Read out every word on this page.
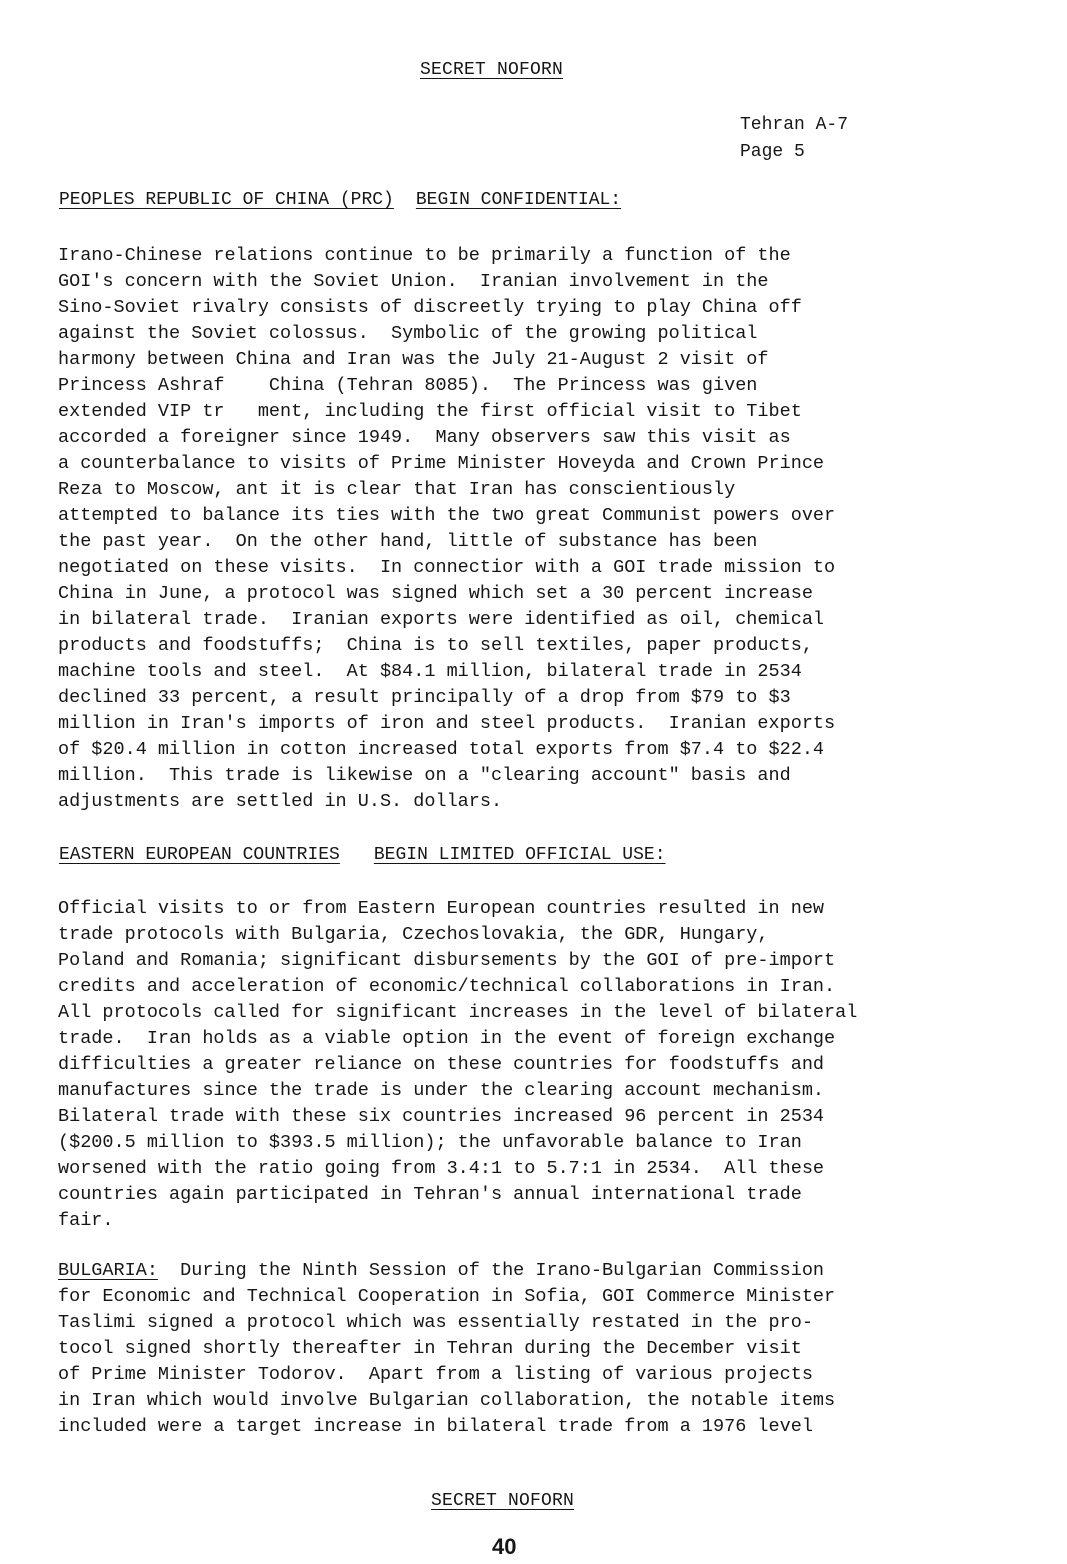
SECRET NOFORN
Tehran A-7
Page 5
PEOPLES REPUBLIC OF CHINA (PRC) BEGIN CONFIDENTIAL:
Irano-Chinese relations continue to be primarily a function of the
GOI's concern with the Soviet Union.  Iranian involvement in the
Sino-Soviet rivalry consists of discreetly trying to play China off
against the Soviet colossus.  Symbolic of the growing political
harmony between China and Iran was the July 21-August 2 visit of
Princess Ashraf    China (Tehran 8085).  The Princess was given
extended VIP tr   ment, including the first official visit to Tibet
accorded a foreigner since 1949.  Many observers saw this visit as
a counterbalance to visits of Prime Minister Hoveyda and Crown Prince
Reza to Moscow, ant it is clear that Iran has conscientiously
attempted to balance its ties with the two great Communist powers over
the past year.  On the other hand, little of substance has been
negotiated on these visits.  In connectior with a GOI trade mission to
China in June, a protocol was signed which set a 30 percent increase
in bilateral trade.  Iranian exports were identified as oil, chemical
products and foodstuffs;  China is to sell textiles, paper products,
machine tools and steel.  At $84.1 million, bilateral trade in 2534
declined 33 percent, a result principally of a drop from $79 to $3
million in Iran's imports of iron and steel products.  Iranian exports
of $20.4 million in cotton increased total exports from $7.4 to $22.4
million.  This trade is likewise on a "clearing account" basis and
adjustments are settled in U.S. dollars.
EASTERN EUROPEAN COUNTRIES BEGIN LIMITED OFFICIAL USE:
Official visits to or from Eastern European countries resulted in new
trade protocols with Bulgaria, Czechoslovakia, the GDR, Hungary,
Poland and Romania; significant disbursements by the GOI of pre-import
credits and acceleration of economic/technical collaborations in Iran.
All protocols called for significant increases in the level of bilateral
trade.  Iran holds as a viable option in the event of foreign exchange
difficulties a greater reliance on these countries for foodstuffs and
manufactures since the trade is under the clearing account mechanism.
Bilateral trade with these six countries increased 96 percent in 2534
($200.5 million to $393.5 million); the unfavorable balance to Iran
worsened with the ratio going from 3.4:1 to 5.7:1 in 2534.  All these
countries again participated in Tehran's annual international trade
fair.
BULGARIA:  During the Ninth Session of the Irano-Bulgarian Commission
for Economic and Technical Cooperation in Sofia, GOI Commerce Minister
Taslimi signed a protocol which was essentially restated in the pro-
tocol signed shortly thereafter in Tehran during the December visit
of Prime Minister Todorov.  Apart from a listing of various projects
in Iran which would involve Bulgarian collaboration, the notable items
included were a target increase in bilateral trade from a 1976 level
SECRET NOFORN
40
